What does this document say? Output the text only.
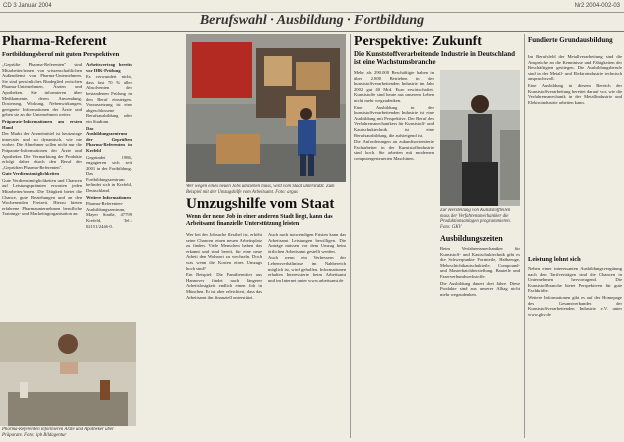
CD 3 Januar 2004	Nr2 2004-002-03
Berufswahl · Ausbildung · Fortbildung
Pharma-Referent
Fortbildungsberuf mit guten Perspektiven

„Geprüfte Pharma-Referenten" sind Mitarbeiter/innen von wissenschaftlichen Außendienst von Pharma-Unternehmen. Sie sind persönliches Bindeglied zwischen Pharma-Unternehmen, Ärzten und Apotheken. Sie informieren über Medikamente, deren Anwendung, Dosierung, Wirkung, Nebenwirkungen, geeignete Informationen der Ärzte und geben sie an die Unternehmen weiter.

Präparate-Informationen am ersten Hand

Der Markt der Arzneimittel ist heutzutage innovativ und so dynamisch, wie nie vorher. Die Abnehmer sollen nicht nur die Präparate-Informationen der Ärzte und Apotheker. Die Vermarktung der Produkte erfolgt daher durch den Beruf der „Geprüften Pharma-Referenten".

Gute Verdienstmöglichkeiten

Gute Verdienstmöglichkeiten und Chancen auf Leistungsprämien erwarten jeden Mitarbeiter/innen. Die Tätigkeit bietet die Chance, gute Beziehungen und an den Wochenenden Freizeit. Hierzu bieten erfahrene Pharmaunternehmen berufliche Trainings- und Marketingorganisation an.

Arbeitsvertrag bereits vor IHK-Prüfung

Es verwundert nicht, dass fast 70 % aller Absolventen der bestandenen Prüfung in den Beruf einsteigen. Voraussetzung ist eine abgeschlossene Berufsausbildung oder ein Studium.

Das Ausbildungszentrum der Geprüften Pharma-Referenten in Krefeld

Gegründet 1986, engagieren sich seit 2001 in der Fortbildung. Das Fortbildungszentrum befindet sich in Krefeld, Deutschland.

Weitere Informationen

Pharma-Referenten-Ausbildungszentrum, Mayer Straße, 47799 Krefeld, Tel.: 02151/2446-0.

Pharma-Referenten informieren Ärzte und Apotheker über Präparate. Foto: ipb Bildagentur
Wer wegen eines neuen Jobs umziehen muss, wird vom Staat unterstützt. Zum Beispiel mit der Umzugshilfe vom Arbeitsamt. Foto: argus
Umzugshilfe vom Staat
Wenn der neue Job in einer anderen Stadt liegt, kann das Arbeitsamt finanzielle Unterstützung leisten

Wer bei der Jobsuche flexibel ist, erhöht seine Chancen einen neuen Arbeitsplatz zu finden. Viele Menschen haben das erkannt und sind bereit, für eine neue Arbeit den Wohnort zu wechseln. Doch was wenn die Kosten eines Umzugs hoch sind?

Ein Beispiel: Die Familienväter aus Hannover findet nach längerer Arbeitslosigkeit endlich einen Job in München. Er ist aber erleichtert, dass das Arbeitsamt ihn finanziell unterstützt.

Auch nach notwendigen Fristen kann das Arbeitsamt Leistungen bewilligen. Die Anträge müssen vor dem Umzug beim örtlichen Arbeitsamt gestellt werden.

Auch wenn ein Verbessern der Lebensverhältnisse im Nahbereich möglich ist, wird geholfen. Informationen erhalten Interessierte beim Arbeitsamt und im Internet unter www.arbeitsamt.de

Perspektive: Zukunft
Die Kunststoffverarbeitende Industrie in Deutschland ist eine Wachstumsbranche

Mehr als 290.000 Beschäftigte haben in über 2.800 Betrieben in der kunststoffverarbeitenden Industrie im Jahr 2002 gut 40 Mrd. Euro erwirtschaftet. Kunststoffe sind heute aus unserem Leben nicht mehr wegzudenken.

Eine Ausbildung in der kunststoffverarbeitenden Industrie ist eine Ausbildung mit Perspektive. Der Beruf des Verfahrensmechanikers für Kunststoff- und Kautschuktechnik ist eine Berufsausbildung, die aufsteigend ist.

Die Anforderungen an zukunftsorientierte Facharbeiter in der Kunststoffindustrie sind hoch. Sie arbeiten mit modernen computergesteuerten Maschinen.

Zur Herstellung von Kunststoffteilen muss der Verfahrensmechaniker die Produktionsanlagen programmieren. Foto: GKV
Ausbildungszeiten

Beim Verfahrensmechaniker für Kunststoff- und Kautschuktechnik gibt es die Schwerpunkte Formteile, Halbzeuge, Mehrschichtkautschukteile, Compound- und Masterbatchherstellung, Bauteile und Faserverbundwerkstoffe.

Die Ausbildung dauert drei Jahre. Diese Produkte sind aus unserer Alltag nicht mehr wegzudenken.

Fundierte Grundausbildung

Im Berufsfeld der Metallverarbeitung sind die Ansprüche an die Kenntnisse und Fähigkeiten der Beschäftigten gestiegen. Die Ausbildungsberufe sind in der Metall- und Elektroindustrie technisch anspruchsvoll.

Eine Ausbildung in diesem Bereich der Kunststoffverarbeitung bereitet darauf vor, wie die Verfahrensmechanik in der Metallindustrie und Elektroindustrie arbeiten kann.

Leistung lohnt sich

Neben einer interessanten Ausbildungsvergütung nach den Tarifverträgen sind die Chancen in Unternehmen hervorragend. Die Kunststoffbranche bietet Perspektiven für gute Fachkräfte.

Weitere Informationen gibt es auf der Homepage des Gesamtverbandes der Kunststoffverarbeitenden Industrie e.V. unter www.gkv.de
